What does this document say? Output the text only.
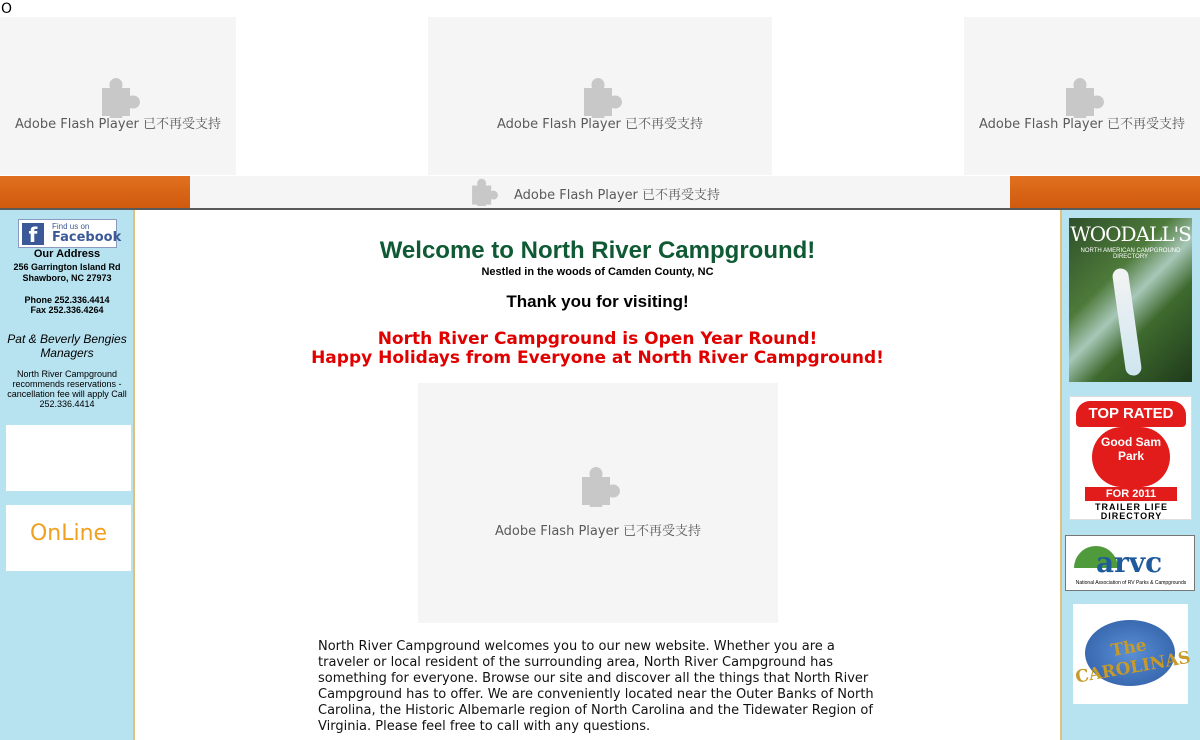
O
Adobe Flash Player 已不再受支持	Adobe Flash Player 已不再受支持	Adobe Flash Player 已不再受支持
Adobe Flash Player 已不再受支持
f	Find us on
Facebook
Our Address
256 Garrington Island Rd
Shawboro, NC 27973
Phone 252.336.4414
Fax 252.336.4264
Pat & Beverly Bengies
Managers
North River Campground recommends reservations - cancellation fee will apply Call 252.336.4414
OnLine
Welcome to North River Campground!
Nestled in the woods of Camden County, NC
Thank you for visiting!
North River Campground is Open Year Round!
Happy Holidays from Everyone at North River Campground!
Adobe Flash Player 已不再受支持
North River Campground welcomes you to our new website. Whether you are a traveler or local resident of the surrounding area, North River Campground has something for everyone. Browse our site and discover all the things that North River Campground has to offer. We are conveniently located near the Outer Banks of North Carolina, the Historic Albemarle region of North Carolina and the Tidewater Region of Virginia. Please feel free to call with any questions.
WOODALL'S
NORTH AMERICAN CAMPGROUND DIRECTORY
TOP RATED
Good Sam Park
FOR 2011
TRAILER LIFE DIRECTORY
arvc
National Association of RV Parks & Campgrounds
The CAROLINAS
